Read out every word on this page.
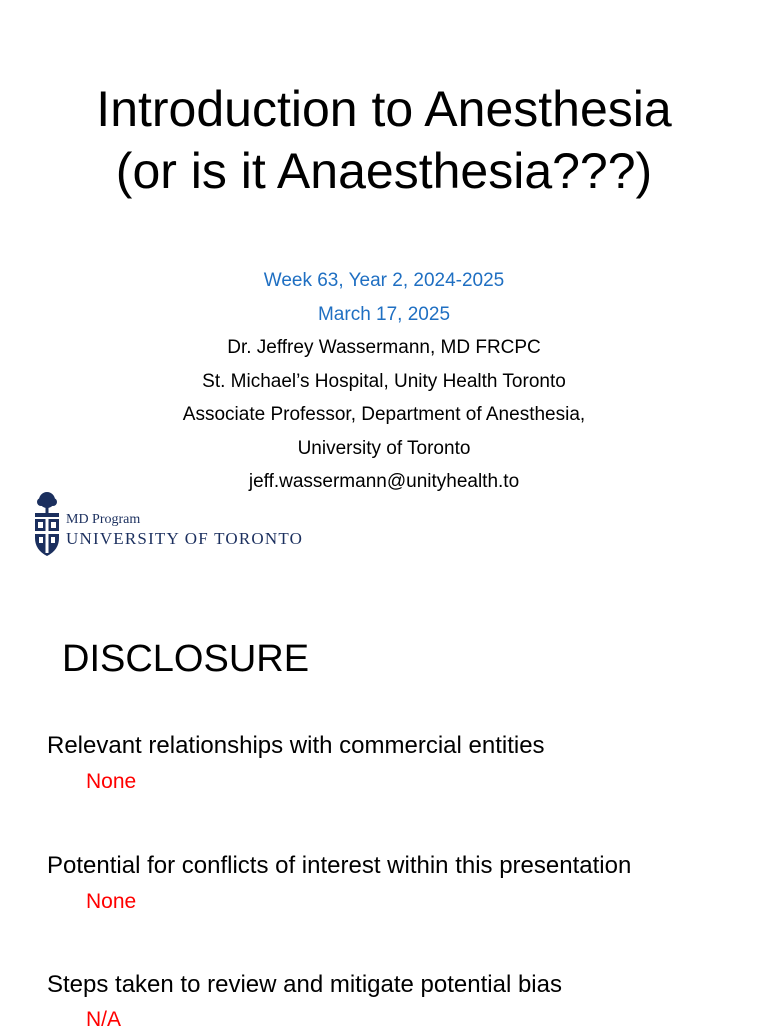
Introduction to Anesthesia
(or is it Anaesthesia???)
Week 63, Year 2, 2024-2025
March 17, 2025
Dr. Jeffrey Wassermann, MD FRCPC
St. Michael’s Hospital, Unity Health Toronto
Associate Professor, Department of Anesthesia,
University of Toronto
jeff.wassermann@unityhealth.to
MD Program
UNIVERSITY OF TORONTO
DISCLOSURE
Relevant relationships with commercial entities
None
Potential for conflicts of interest within this presentation
None
Steps taken to review and mitigate potential bias
N/A
